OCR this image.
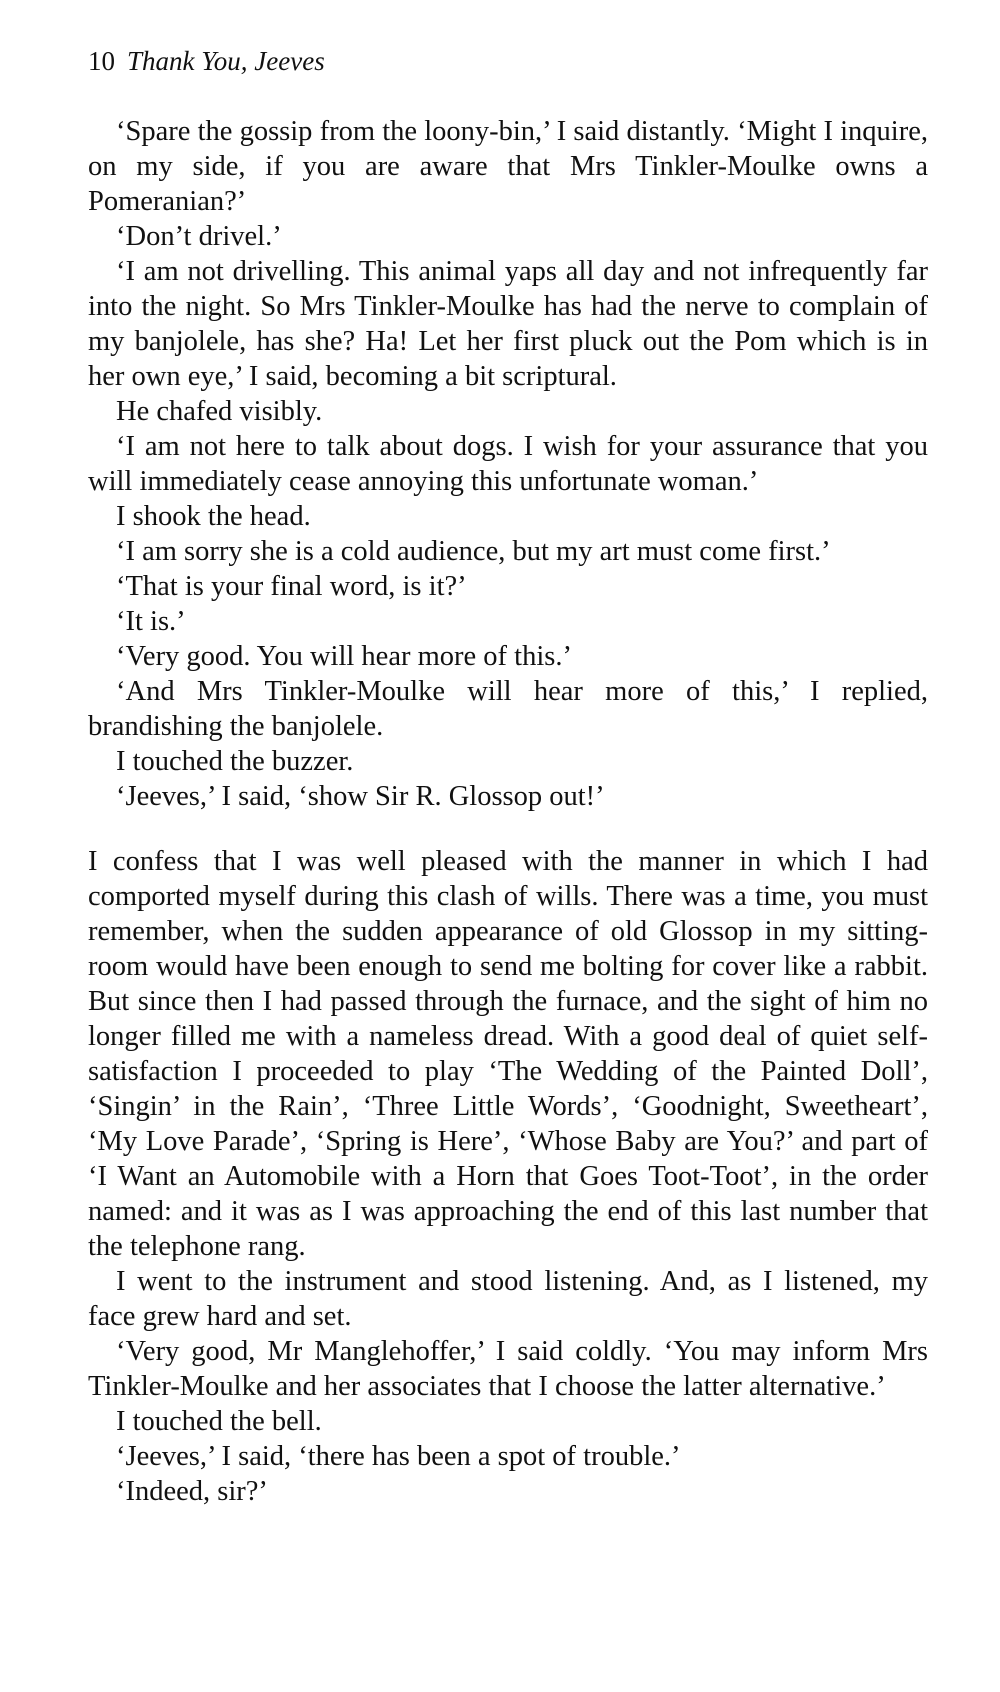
10 Thank You, Jeeves

‘Spare the gossip from the loony-bin,’ I said distantly. ‘Might I inquire, on my side, if you are aware that Mrs Tinkler-Moulke owns a Pomeranian?’

‘Don’t drivel.’

‘I am not drivelling. This animal yaps all day and not infrequently far into the night. So Mrs Tinkler-Moulke has had the nerve to complain of my banjolele, has she? Ha! Let her first pluck out the Pom which is in her own eye,’ I said, becoming a bit scriptural.

He chafed visibly.

‘I am not here to talk about dogs. I wish for your assurance that you will immediately cease annoying this unfortunate woman.’

I shook the head.

‘I am sorry she is a cold audience, but my art must come first.’

‘That is your final word, is it?’

‘It is.’

‘Very good. You will hear more of this.’

‘And Mrs Tinkler-Moulke will hear more of this,’ I replied, brandishing the banjolele.

I touched the buzzer.

‘Jeeves,’ I said, ‘show Sir R. Glossop out!’

I confess that I was well pleased with the manner in which I had comported myself during this clash of wills. There was a time, you must remember, when the sudden appearance of old Glossop in my sitting-room would have been enough to send me bolting for cover like a rabbit. But since then I had passed through the furnace, and the sight of him no longer filled me with a nameless dread. With a good deal of quiet self-satisfaction I proceeded to play ‘The Wedding of the Painted Doll’, ‘Singin’ in the Rain’, ‘Three Little Words’, ‘Goodnight, Sweetheart’, ‘My Love Parade’, ‘Spring is Here’, ‘Whose Baby are You?’ and part of ‘I Want an Automobile with a Horn that Goes Toot-Toot’, in the order named: and it was as I was approaching the end of this last number that the telephone rang.

I went to the instrument and stood listening. And, as I listened, my face grew hard and set.

‘Very good, Mr Manglehoffer,’ I said coldly. ‘You may inform Mrs Tinkler-Moulke and her associates that I choose the latter alternative.’

I touched the bell.

‘Jeeves,’ I said, ‘there has been a spot of trouble.’

‘Indeed, sir?’
